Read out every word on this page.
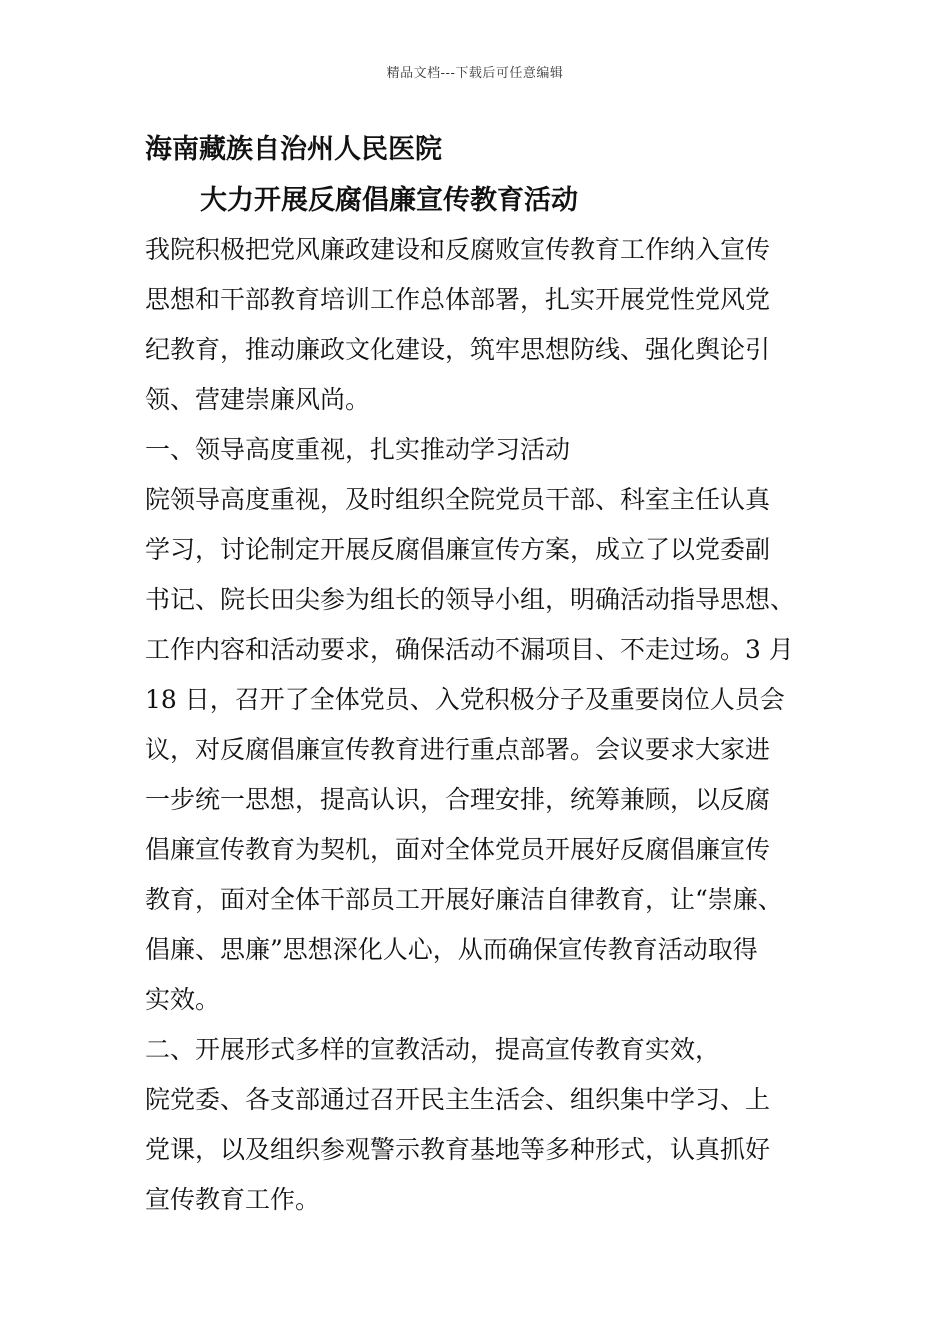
精品文档---下载后可任意编辑
海南藏族自治州人民医院
大力开展反腐倡廉宣传教育活动
我院积极把党风廉政建设和反腐败宣传教育工作纳入宣传
思想和干部教育培训工作总体部署，扎实开展党性党风党
纪教育，推动廉政文化建设，筑牢思想防线、强化舆论引
领、营建崇廉风尚。
一、领导高度重视，扎实推动学习活动
院领导高度重视，及时组织全院党员干部、科室主任认真
学习，讨论制定开展反腐倡廉宣传方案，成立了以党委副
书记、院长田尖参为组长的领导小组，明确活动指导思想、
工作内容和活动要求，确保活动不漏项目、不走过场。3 月
18 日，召开了全体党员、入党积极分子及重要岗位人员会
议，对反腐倡廉宣传教育进行重点部署。会议要求大家进
一步统一思想，提高认识，合理安排，统筹兼顾，以反腐
倡廉宣传教育为契机，面对全体党员开展好反腐倡廉宣传
教育，面对全体干部员工开展好廉洁自律教育，让“崇廉、
倡廉、思廉”思想深化人心，从而确保宣传教育活动取得
实效。
二、开展形式多样的宣教活动，提高宣传教育实效，
院党委、各支部通过召开民主生活会、组织集中学习、上
党课，以及组织参观警示教育基地等多种形式，认真抓好
宣传教育工作。
